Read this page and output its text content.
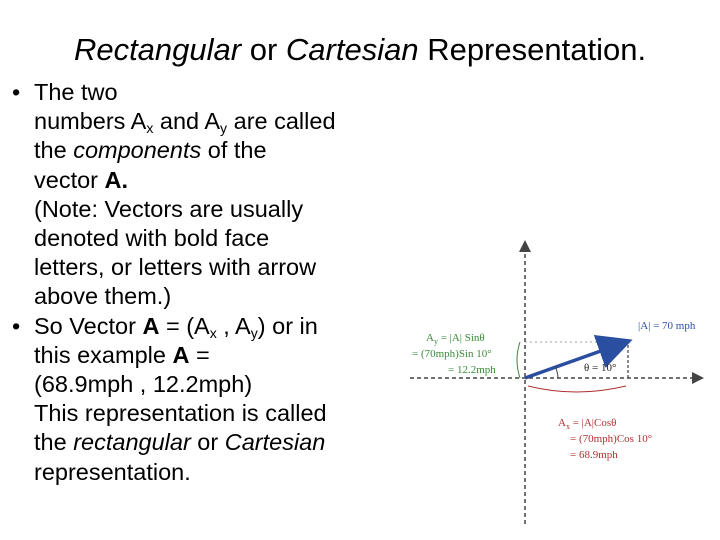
Rectangular or Cartesian Representation.
• The two
numbers $A_x$ and $A_y$ are called
the components of the
vector A.
(Note: Vectors are usually
denoted with bold face
letters, or letters with arrow
above them.)
• So Vector $A = (A_x$ , $A_y$) or in
this example A =
(68.9mph , 12.2mph)
This representation is called
the rectangular or Cartesian
representation.
|A| = 70 mph
θ = 10°
$A_y = |A|$ Sinθ
= (70mph)Sin 10°
= 12.2mph
$A_x = |A|Cos\theta$
= (70mph)Cos 10°
= 68.9mph
